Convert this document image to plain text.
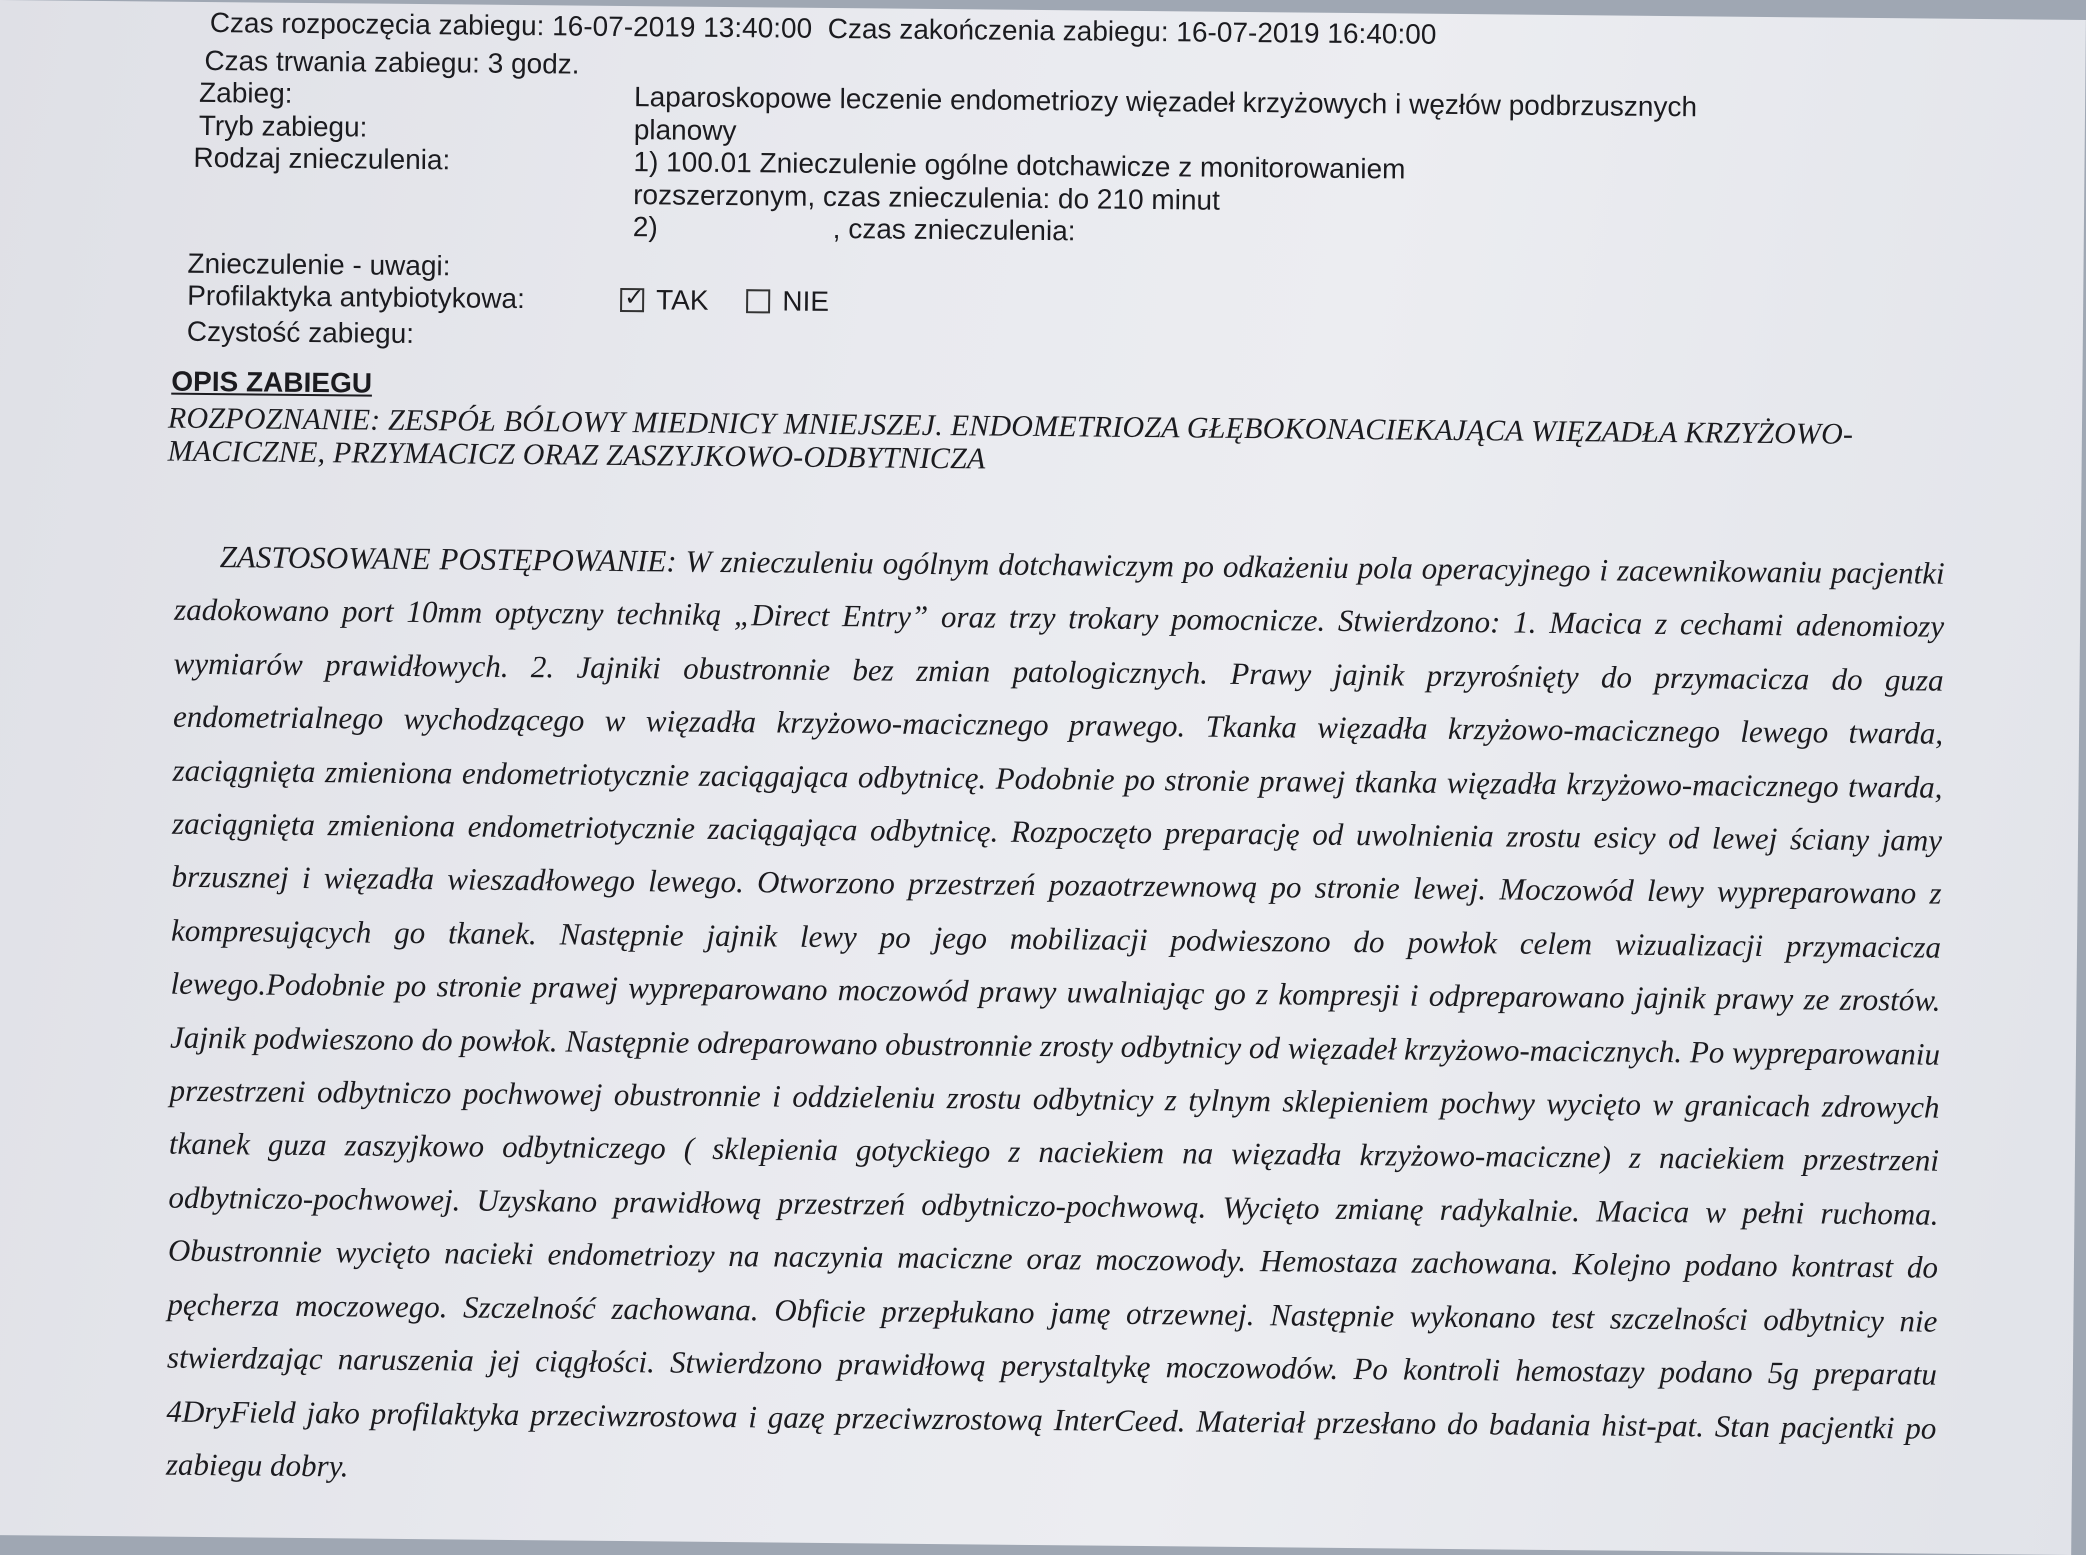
Czas rozpoczęcia zabiegu:
16-07-2019 13:40:00
Czas zakończenia zabiegu:
16-07-2019 16:40:00
Czas trwania zabiegu:
3 godz.
Zabieg:	Laparoskopowe leczenie endometriozy więzadeł krzyżowych i węzłów podbrzusznych
Tryb zabiegu:	planowy
Rodzaj znieczulenia:	1) 100.01 Znieczulenie ogólne dotchawicze z monitorowaniem rozszerzonym, czas znieczulenia: do 210 minut
2)	, czas znieczulenia:
Znieczulenie - uwagi:
Profilaktyka antybiotykowa:	✓ TAK
	NIE
Czystość zabiegu:
OPIS ZABIEGU
ROZPOZNANIE: ZESPÓŁ BÓLOWY MIEDNICY MNIEJSZEJ. ENDOMETRIOZA GŁĘBOKONACIEKAJĄCA WIĘZADŁA KRZYŻOWO-MACICZNE, PRZYMACICZ ORAZ ZASZYJKOWO-ODBYTNICZA
ZASTOSOWANE POSTĘPOWANIE: W znieczuleniu ogólnym dotchawiczym po odkażeniu pola operacyjnego i zacewnikowaniu pacjentki zadokowano port 10mm optyczny techniką „Direct Entry” oraz trzy trokary pomocnicze. Stwierdzono: 1. Macica z cechami adenomiozy wymiarów prawidłowych. 2. Jajniki obustronnie bez zmian patologicznych. Prawy jajnik przyrośnięty do przymacicza do guza endometrialnego wychodzącego w więzadła krzyżowo-macicznego prawego. Tkanka więzadła krzyżowo-macicznego lewego twarda, zaciągnięta zmieniona endometriotycznie zaciągająca odbytnicę. Podobnie po stronie prawej tkanka więzadła krzyżowo-macicznego twarda, zaciągnięta zmieniona endometriotycznie zaciągająca odbytnicę. Rozpoczęto preparację od uwolnienia zrostu esicy od lewej ściany jamy brzusznej i więzadła wieszadłowego lewego. Otworzono przestrzeń pozaotrzewnową po stronie lewej. Moczowód lewy wypreparowano z kompresujących go tkanek. Następnie jajnik lewy po jego mobilizacji podwieszono do powłok celem wizualizacji przymacicza lewego.Podobnie po stronie prawej wypreparowano moczowód prawy uwalniając go z kompresji i odpreparowano jajnik prawy ze zrostów. Jajnik podwieszono do powłok. Następnie odreparowano obustronnie zrosty odbytnicy od więzadeł krzyżowo-macicznych. Po wypreparowaniu przestrzeni odbytniczo pochwowej obustronnie i oddzieleniu zrostu odbytnicy z tylnym sklepieniem pochwy wycięto w granicach zdrowych tkanek guza zaszyjkowo odbytniczego ( sklepienia gotyckiego z naciekiem na więzadła krzyżowo-maciczne) z naciekiem przestrzeni odbytniczo-pochwowej. Uzyskano prawidłową przestrzeń odbytniczo-pochwową. Wycięto zmianę radykalnie. Macica w pełni ruchoma. Obustronnie wycięto nacieki endometriozy na naczynia maciczne oraz moczowody. Hemostaza zachowana. Kolejno podano kontrast do pęcherza moczowego. Szczelność zachowana. Obficie przepłukano jamę otrzewnej. Następnie wykonano test szczelności odbytnicy nie stwierdzając naruszenia jej ciągłości. Stwierdzono prawidłową perystaltykę moczowodów. Po kontroli hemostazy podano 5g preparatu 4DryField jako profilaktyka przeciwzrostowa i gazę przeciwzrostową InterCeed. Materiał przesłano do badania hist-pat. Stan pacjentki po zabiegu dobry.
